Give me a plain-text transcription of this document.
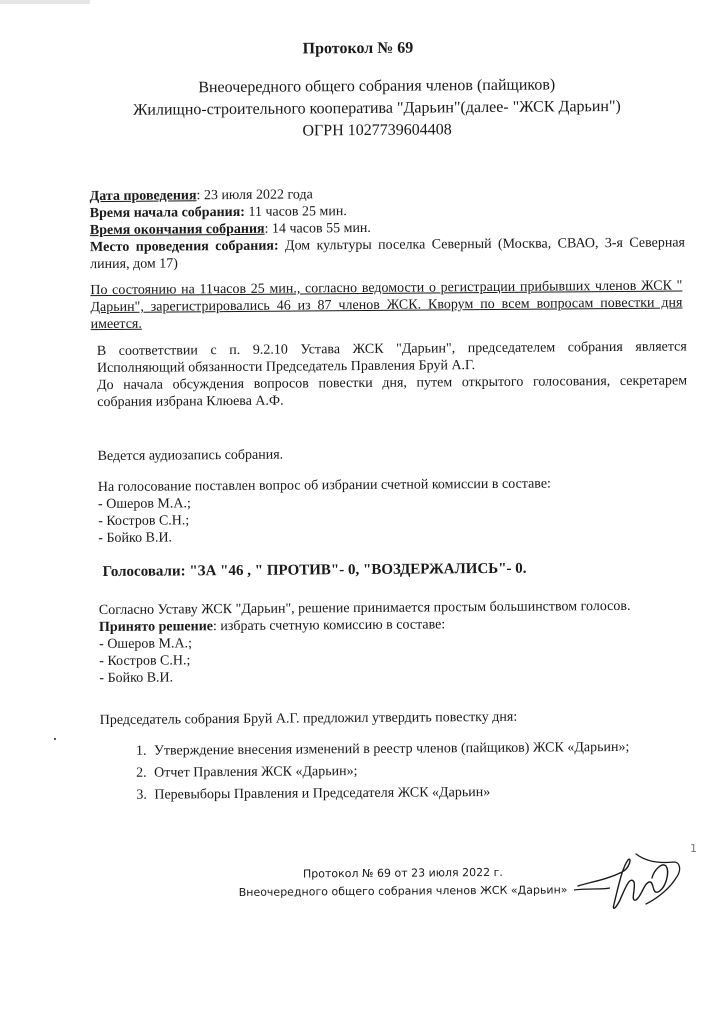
Протокол № 69
Внеочередного общего собрания членов (пайщиков)
Жилищно-строительного кооператива "Дарьин"(далее- "ЖСК Дарьин")
ОГРН 1027739604408

Дата проведения: 23 июля 2022 года

Время начала собрания: 11 часов 25 мин.

Время окончания собрания: 14 часов 55 мин.

Место проведения собрания: Дом культуры поселка Северный (Москва, СВАО, 3-я Северная линия, дом 17)

По состоянию на 11часов 25 мин., согласно ведомости о регистрации прибывших членов ЖСК " Дарьин", зарегистрировались 46 из 87 членов ЖСК. Кворум по всем вопросам повестки дня имеется.

В соответствии с п. 9.2.10 Устава ЖСК "Дарьин", председателем собрания является Исполняющий обязанности Председатель Правления Бруй А.Г.

До начала обсуждения вопросов повестки дня, путем открытого голосования, секретарем собрания избрана Клюева А.Ф.

Ведется аудиозапись собрания.

На голосование поставлен вопрос об избрании счетной комиссии в составе:

- Ошеров М.А.;

- Костров С.Н.;

- Бойко В.И.

Голосовали: "ЗА "46 , " ПРОТИВ"- 0, "ВОЗДЕРЖАЛИСЬ"- 0.

Согласно Уставу ЖСК "Дарьин", решение принимается простым большинством голосов.

Принято решение: избрать счетную комиссию в составе:

- Ошеров М.А.;

- Костров С.Н.;

- Бойко В.И.

Председатель собрания Бруй А.Г. предложил утвердить повестку дня:
1. Утверждение внесения изменений в реестр членов (пайщиков) ЖСК «Дарьин»;
2. Отчет Правления ЖСК «Дарьин»;
3. Перевыборы Правления и Председателя ЖСК «Дарьин»
Протокол № 69 от 23 июля 2022 г.
Внеочередного общего собрания членов ЖСК «Дарьин»
1
